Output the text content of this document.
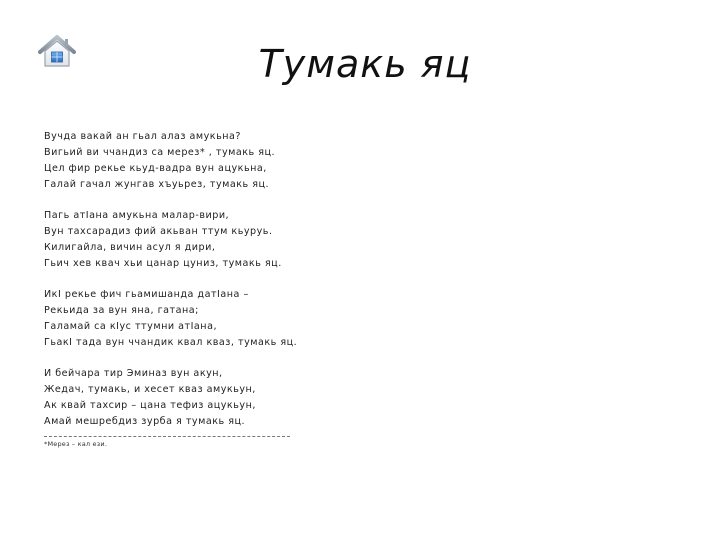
Тумакь яц
Вучда вакай ан гьал алаз амукьна?
Вигьий ви ччандиз са мерез* , тумакь яц.
Цел фир рекье кьуд-вадра вун ацукьна,
Галай гачал жунгав хъуьрез, тумакь яц.
Пагь атІана амукьна малар-вири,
Вун тахсарадиз фий акьван ттум кьуруь.
Килигайла, вичин асул я дири,
Гьич хев квач хьи цанар цуниз, тумакь яц.
ИкІ рекье фич гьамишанда датІана –
Рекьида за вун яна, гатана;
Галамай са кІус ттумни атІана,
ГьакІ тада вун ччандик квал кваз, тумакь яц.
И бейчара тир Эминаз вун акун,
Жедач, тумакь, и хесет кваз амукьун,
Ак квай тахсир – цана тефиз ацукьун,
Амай мешребдиз зурба я тумакь яц.
*Мерез – кал ези.
